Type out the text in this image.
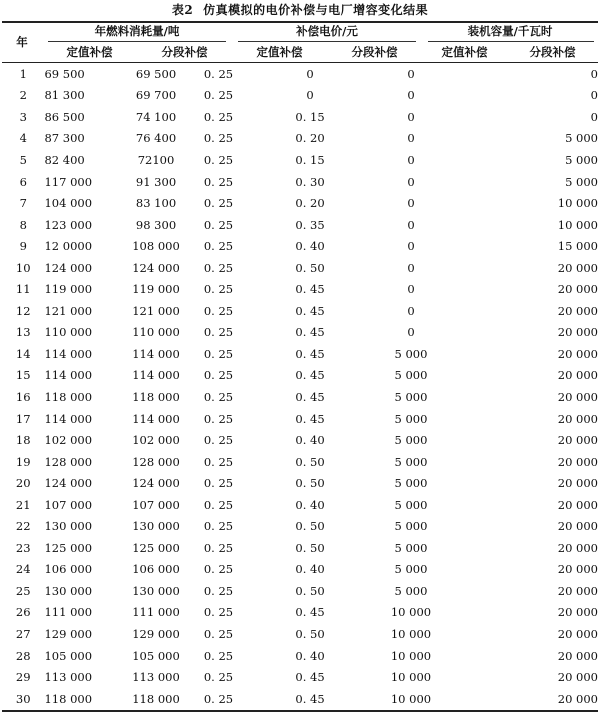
表2 仿真模拟的电价补偿与电厂增容变化结果
年
年燃料消耗量/吨	补偿电价/元	装机容量/千瓦时
定值补偿	分段补偿	定值补偿	分段补偿	定值补偿	分段补偿
1	69 500	69 500	0. 25	0	0	0
2	81 300	69 700	0. 25	0	0	0
3	86 500	74 100	0. 25	0. 15	0	0
4	87 300	76 400	0. 25	0. 20	0	5 000
5	82 400	72100	0. 25	0. 15	0	5 000
6	117 000	91 300	0. 25	0. 30	0	5 000
7	104 000	83 100	0. 25	0. 20	0	10 000
8	123 000	98 300	0. 25	0. 35	0	10 000
9	12 0000	108 000	0. 25	0. 40	0	15 000
10	124 000	124 000	0. 25	0. 50	0	20 000
11	119 000	119 000	0. 25	0. 45	0	20 000
12	121 000	121 000	0. 25	0. 45	0	20 000
13	110 000	110 000	0. 25	0. 45	0	20 000
14	114 000	114 000	0. 25	0. 45	5 000	20 000
15	114 000	114 000	0. 25	0. 45	5 000	20 000
16	118 000	118 000	0. 25	0. 45	5 000	20 000
17	114 000	114 000	0. 25	0. 45	5 000	20 000
18	102 000	102 000	0. 25	0. 40	5 000	20 000
19	128 000	128 000	0. 25	0. 50	5 000	20 000
20	124 000	124 000	0. 25	0. 50	5 000	20 000
21	107 000	107 000	0. 25	0. 40	5 000	20 000
22	130 000	130 000	0. 25	0. 50	5 000	20 000
23	125 000	125 000	0. 25	0. 50	5 000	20 000
24	106 000	106 000	0. 25	0. 40	5 000	20 000
25	130 000	130 000	0. 25	0. 50	5 000	20 000
26	111 000	111 000	0. 25	0. 45	10 000	20 000
27	129 000	129 000	0. 25	0. 50	10 000	20 000
28	105 000	105 000	0. 25	0. 40	10 000	20 000
29	113 000	113 000	0. 25	0. 45	10 000	20 000
30	118 000	118 000	0. 25	0. 45	10 000	20 000
